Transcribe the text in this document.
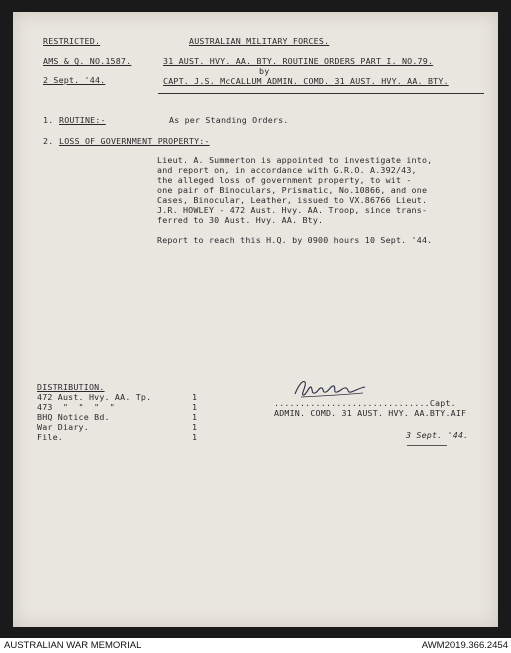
RESTRICTED.	AUSTRALIAN MILITARY FORCES.
AMS & Q. NO.1587.	31 AUST. HVY. AA. BTY. ROUTINE ORDERS PART I. NO.79.
by
2 Sept. '44.	CAPT. J.S. McCALLUM ADMIN. COMD. 31 AUST. HVY. AA. BTY.
1. ROUTINE:-	As per Standing Orders.
2. LOSS OF GOVERNMENT PROPERTY:-
Lieut. A. Summerton is appointed to investigate into,
and report on, in accordance with G.R.O. A.392/43,
the alleged loss of government property, to wit -
one pair of Binoculars, Prismatic, No.10866, and one
Cases, Binocular, Leather, issued to VX.86766 Lieut.
J.R. HOWLEY - 472 Aust. Hvy. AA. Troop, since trans-
ferred to 30 Aust. Hvy. AA. Bty.
Report to reach this H.Q. by 0900 hours 10 Sept. '44.
DISTRIBUTION.
472 Aust. Hvy. AA. Tp.	1
473  "  "  "  "	1
BHQ Notice Bd.	1
War Diary.	1
File.	1
..............................Capt.
ADMIN. COMD. 31 AUST. HVY. AA.BTY.AIF
3 Sept. '44.
AUSTRALIAN WAR MEMORIAL	AWM2019.366.2454
